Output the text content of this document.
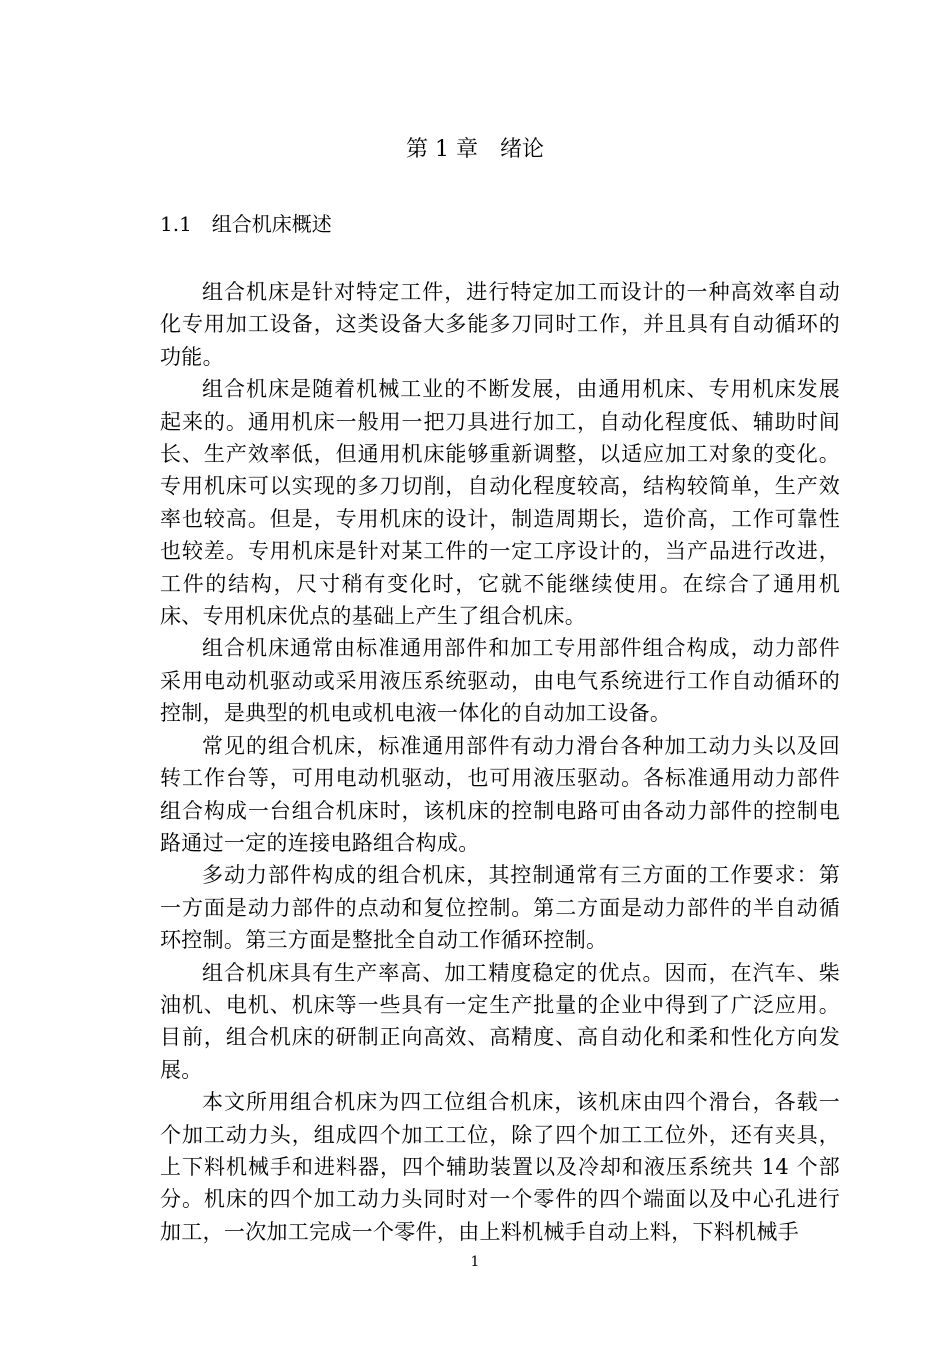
第 1 章　绪论
1.1　组合机床概述

组合机床是针对特定工件，进行特定加工而设计的一种高效率自动化专用加工设备，这类设备大多能多刀同时工作，并且具有自动循环的功能。

组合机床是随着机械工业的不断发展，由通用机床、专用机床发展起来的。通用机床一般用一把刀具进行加工，自动化程度低、辅助时间长、生产效率低，但通用机床能够重新调整，以适应加工对象的变化。专用机床可以实现的多刀切削，自动化程度较高，结构较简单，生产效率也较高。但是，专用机床的设计，制造周期长，造价高，工作可靠性也较差。专用机床是针对某工件的一定工序设计的，当产品进行改进，工件的结构，尺寸稍有变化时，它就不能继续使用。在综合了通用机床、专用机床优点的基础上产生了组合机床。

组合机床通常由标准通用部件和加工专用部件组合构成，动力部件采用电动机驱动或采用液压系统驱动，由电气系统进行工作自动循环的控制，是典型的机电或机电液一体化的自动加工设备。

常见的组合机床，标准通用部件有动力滑台各种加工动力头以及回转工作台等，可用电动机驱动，也可用液压驱动。各标准通用动力部件组合构成一台组合机床时，该机床的控制电路可由各动力部件的控制电路通过一定的连接电路组合构成。

多动力部件构成的组合机床，其控制通常有三方面的工作要求：第一方面是动力部件的点动和复位控制。第二方面是动力部件的半自动循环控制。第三方面是整批全自动工作循环控制。

组合机床具有生产率高、加工精度稳定的优点。因而，在汽车、柴油机、电机、机床等一些具有一定生产批量的企业中得到了广泛应用。目前，组合机床的研制正向高效、高精度、高自动化和柔和性化方向发展。

本文所用组合机床为四工位组合机床，该机床由四个滑台，各载一个加工动力头，组成四个加工工位，除了四个加工工位外，还有夹具，上下料机械手和进料器，四个辅助装置以及冷却和液压系统共 14 个部分。机床的四个加工动力头同时对一个零件的四个端面以及中心孔进行加工，一次加工完成一个零件，由上料机械手自动上料，下料机械手

1
